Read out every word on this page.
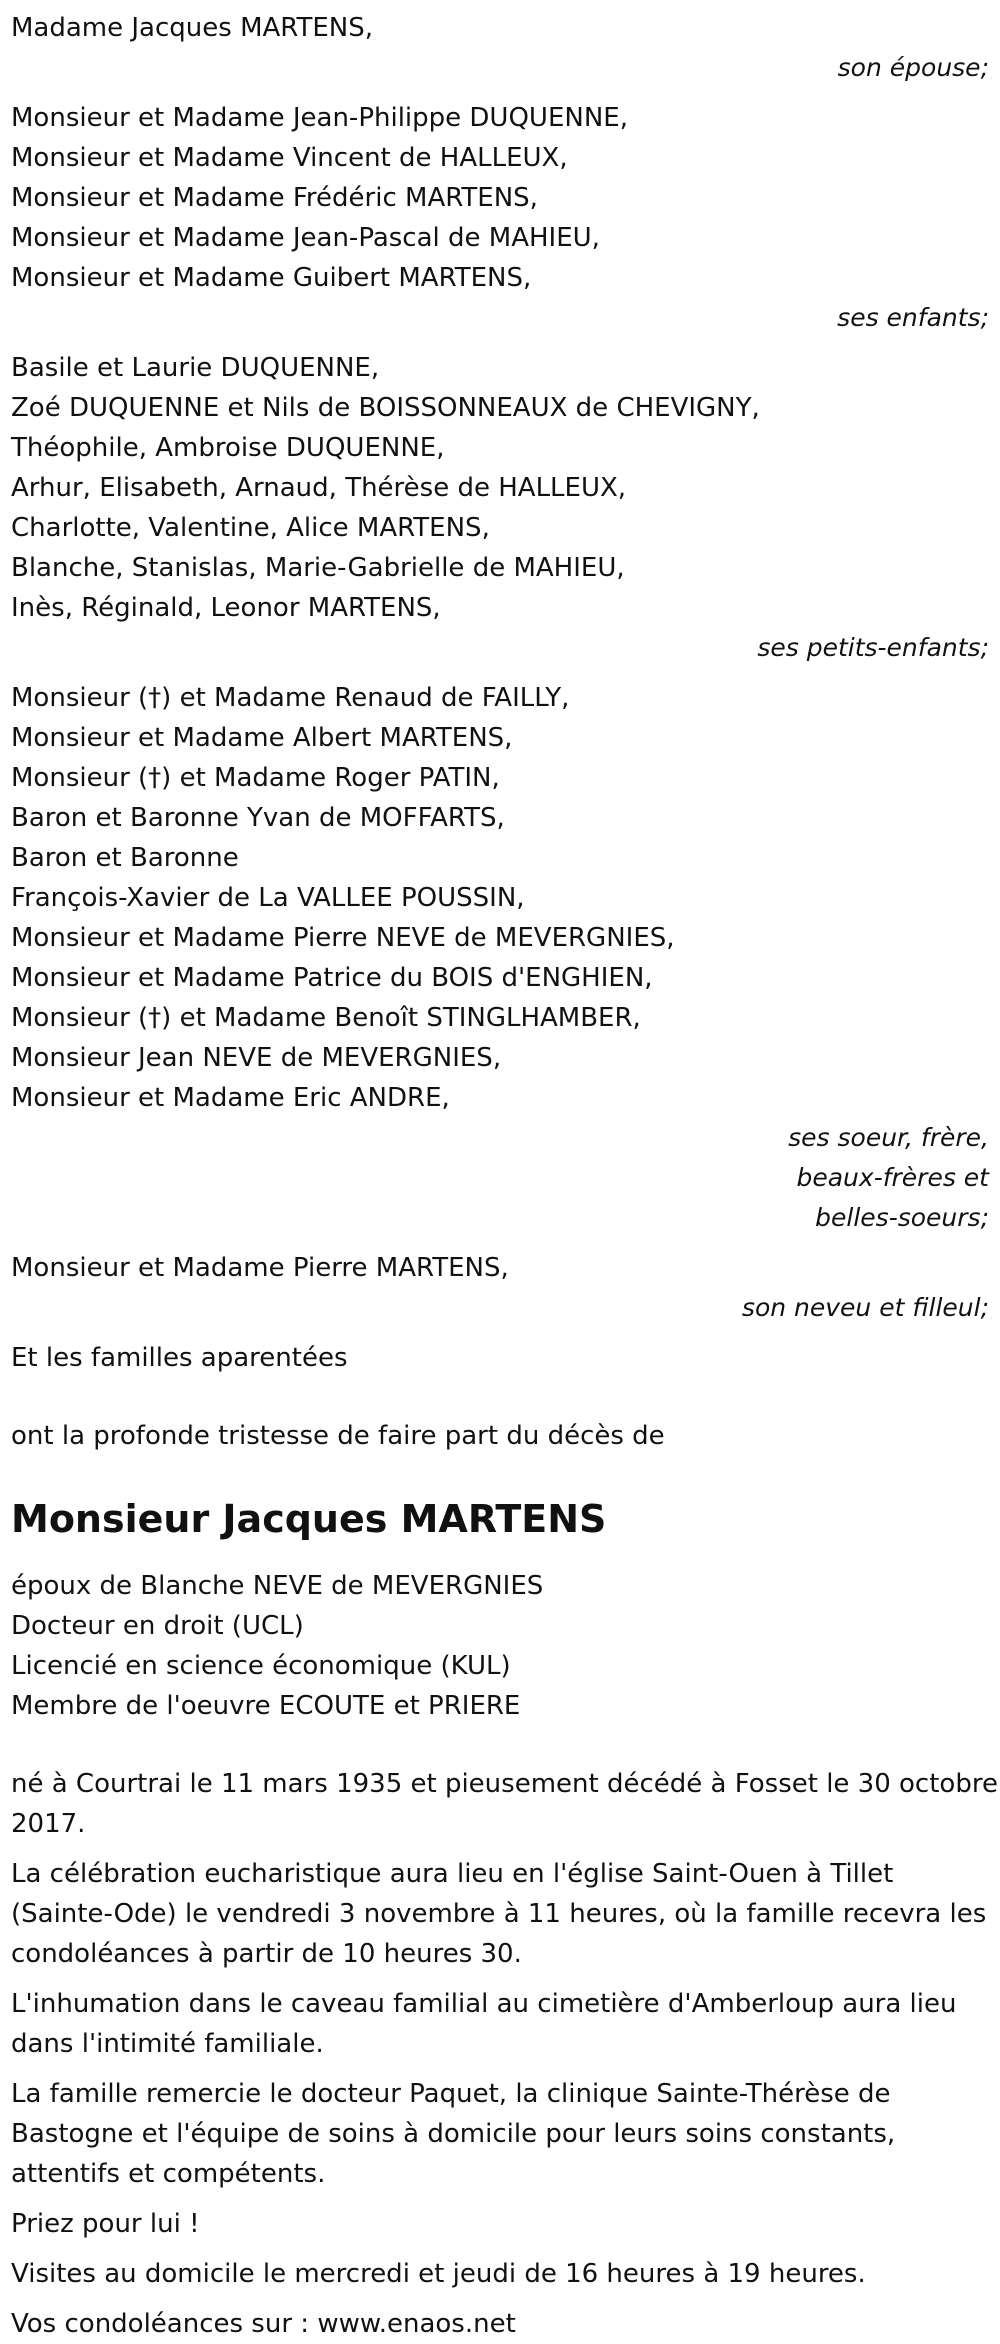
Madame Jacques MARTENS,

son épouse;

Monsieur et Madame Jean-Philippe DUQUENNE,

Monsieur et Madame Vincent de HALLEUX,

Monsieur et Madame Frédéric MARTENS,

Monsieur et Madame Jean-Pascal de MAHIEU,

Monsieur et Madame Guibert MARTENS,

ses enfants;

Basile et Laurie DUQUENNE,

Zoé DUQUENNE et Nils de BOISSONNEAUX de CHEVIGNY,

Théophile, Ambroise DUQUENNE,

Arhur, Elisabeth, Arnaud, Thérèse de HALLEUX,

Charlotte, Valentine, Alice MARTENS,

Blanche, Stanislas, Marie-Gabrielle de MAHIEU,

Inès, Réginald, Leonor MARTENS,

ses petits-enfants;

Monsieur (†) et Madame Renaud de FAILLY,

Monsieur et Madame Albert MARTENS,

Monsieur (†) et Madame Roger PATIN,

Baron et Baronne Yvan de MOFFARTS,

Baron et Baronne

François-Xavier de La VALLEE POUSSIN,

Monsieur et Madame Pierre NEVE de MEVERGNIES,

Monsieur et Madame Patrice du BOIS d'ENGHIEN,

Monsieur (†) et Madame Benoît STINGLHAMBER,

Monsieur Jean NEVE de MEVERGNIES,

Monsieur et Madame Eric ANDRE,

ses soeur, frère,

beaux-frères et

belles-soeurs;

Monsieur et Madame Pierre MARTENS,

son neveu et filleul;

Et les familles aparentées

ont la profonde tristesse de faire part du décès de

Monsieur Jacques MARTENS

époux de Blanche NEVE de MEVERGNIES

Docteur en droit (UCL)

Licencié en science économique (KUL)

Membre de l'oeuvre ECOUTE et PRIERE

né à Courtrai le 11 mars 1935 et pieusement décédé à Fosset le 30 octobre 2017.

La célébration eucharistique aura lieu en l'église Saint-Ouen à Tillet (Sainte-Ode) le vendredi 3 novembre à 11 heures, où la famille recevra les condoléances à partir de 10 heures 30.

L'inhumation dans le caveau familial au cimetière d'Amberloup aura lieu dans l'intimité familiale.

La famille remercie le docteur Paquet, la clinique Sainte-Thérèse de Bastogne et l'équipe de soins à domicile pour leurs soins constants, attentifs et compétents.

Priez pour lui !

Visites au domicile le mercredi et jeudi de 16 heures à 19 heures.

Vos condoléances sur : www.enaos.net
